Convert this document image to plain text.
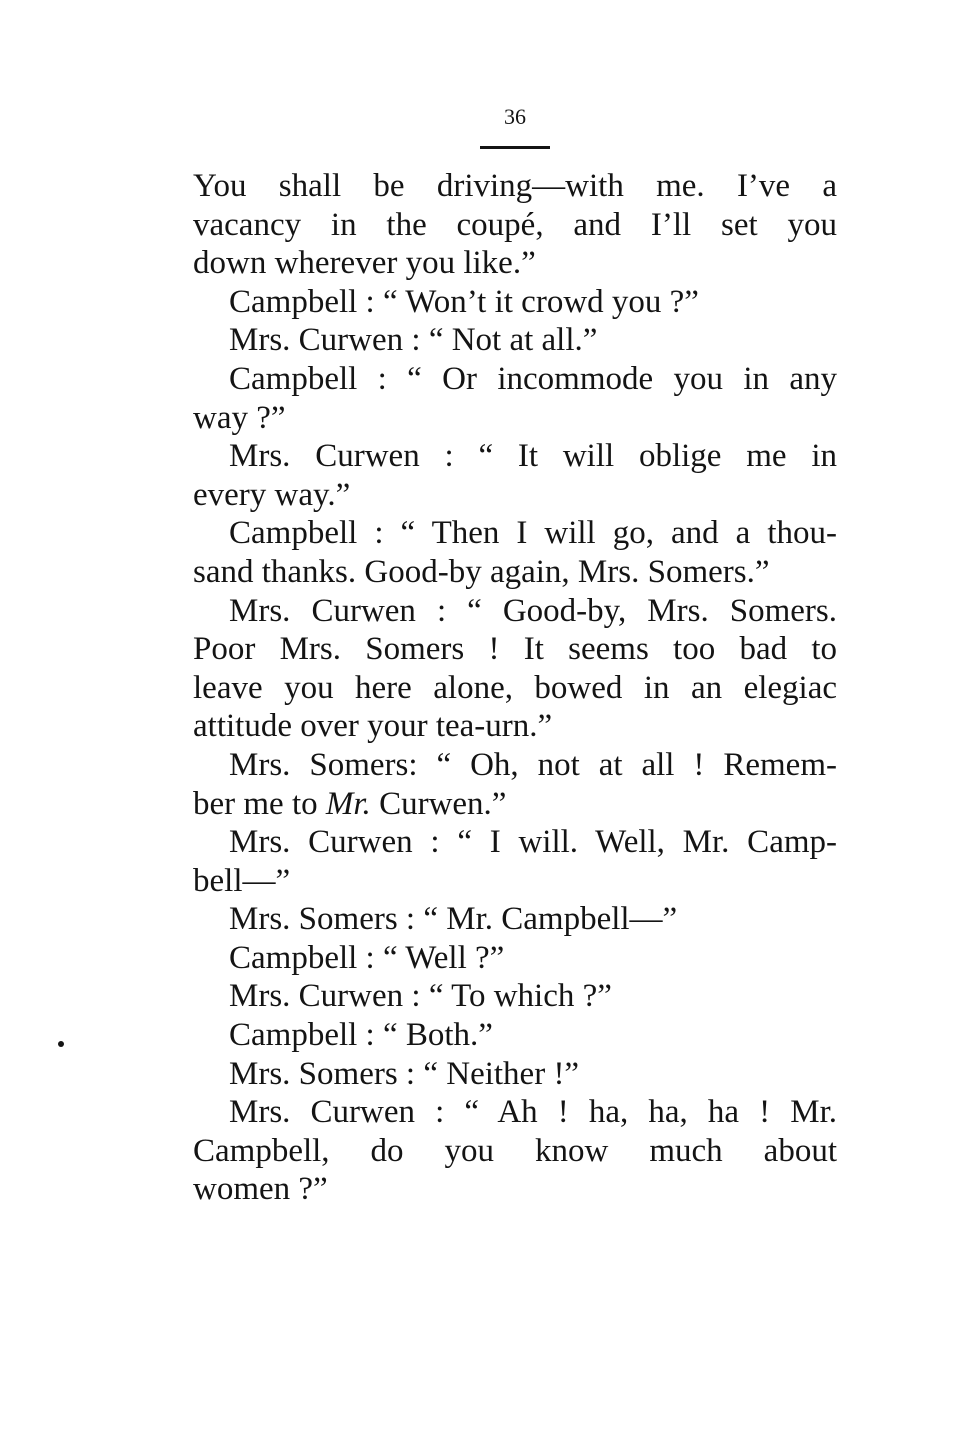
36
You shall be driving—with me. I’ve a
vacancy in the coupé, and I’ll set you
down wherever you like.”
Campbell : “ Won’t it crowd you ?”
Mrs. Curwen : “ Not at all.”
Campbell : “ Or incommode you in any
way ?”
Mrs. Curwen : “ It will oblige me in
every way.”
Campbell : “ Then I will go, and a thou-
sand thanks. Good-by again, Mrs. Somers.”
Mrs. Curwen : “ Good-by, Mrs. Somers.
Poor Mrs. Somers ! It seems too bad to
leave you here alone, bowed in an elegiac
attitude over your tea-urn.”
Mrs. Somers: “ Oh, not at all ! Remem-
ber me to Mr. Curwen.”
Mrs. Curwen : “ I will. Well, Mr. Camp-
bell—”
Mrs. Somers : “ Mr. Campbell—”
Campbell : “ Well ?”
Mrs. Curwen : “ To which ?”
Campbell : “ Both.”
Mrs. Somers : “ Neither !”
Mrs. Curwen : “ Ah ! ha, ha, ha ! Mr.
Campbell, do you know much about
women ?”
